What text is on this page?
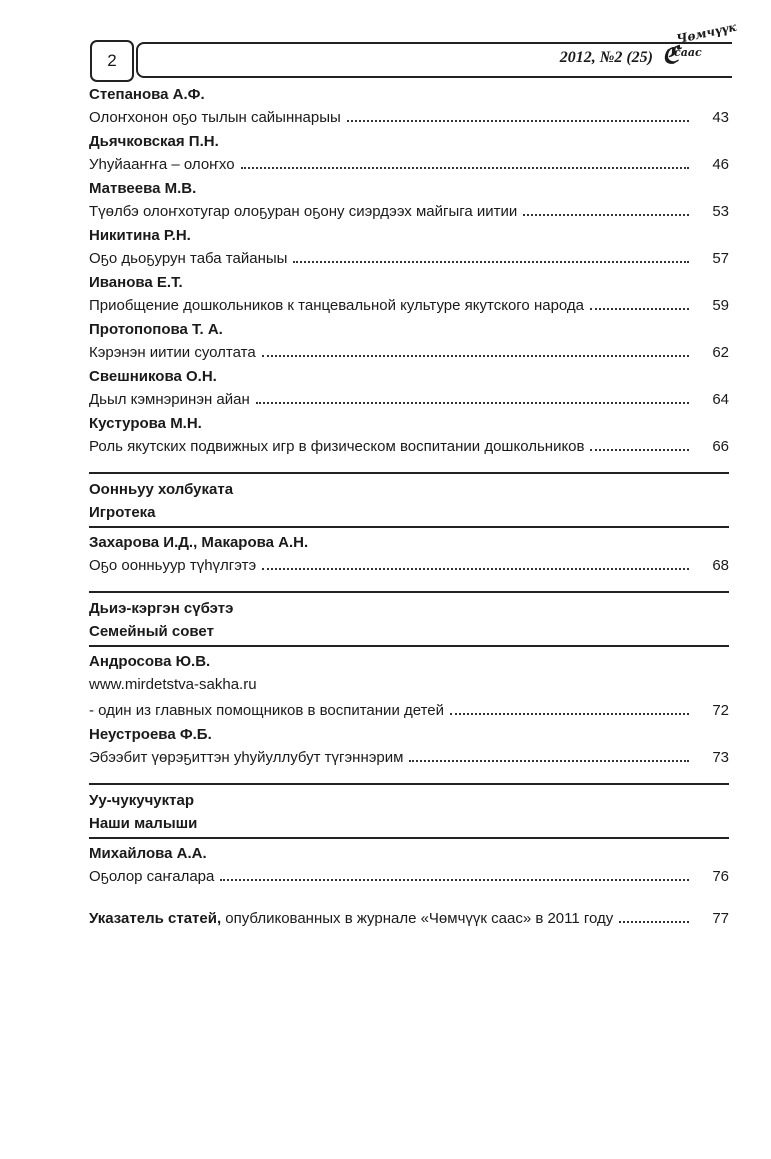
2	2012, №2 (25) ℭ
Чөмчүүк
саас
Степанова А.Ф.
Олоҥхонон оҕо тылын сайыннарыы	43
Дьячковская П.Н.
Уһуйааҥҥа – олоҥхо	46
Матвеева М.В.
Түөлбэ олоҥхотугар олоҕуран оҕону сиэрдээх майгыга иитии	53
Никитина Р.Н.
Оҕо дьоҕурун таба тайаныы	57
Иванова Е.Т.
Приобщение дошкольников к танцевальной культуре якутского народа	59
Протопопова Т. А.
Кэрэнэн иитии суолтата	62
Свешникова О.Н.
Дьыл кэмнэринэн айан	64
Кустурова М.Н.
Роль якутских подвижных игр в физическом воспитании дошкольников	66
Оонньуу холбуката
Игротека
Захарова И.Д., Макарова А.Н.
Оҕо оонньуур түһүлгэтэ	68
Дьиэ-кэргэн сүбэтэ
Семейный совет
Андросова Ю.В.
www.mirdetstva-sakha.ru
- один из главных помощников в воспитании детей	72
Неустроева Ф.Б.
Эбээбит үөрэҕиттэн уһуйуллубут түгэннэрим	73
Уу-чукучуктар
Наши малыши
Михайлова А.А.
Оҕолор саҥалара	76
Указатель статей, опубликованных в журнале «Чөмчүүк саас» в 2011 году	77
